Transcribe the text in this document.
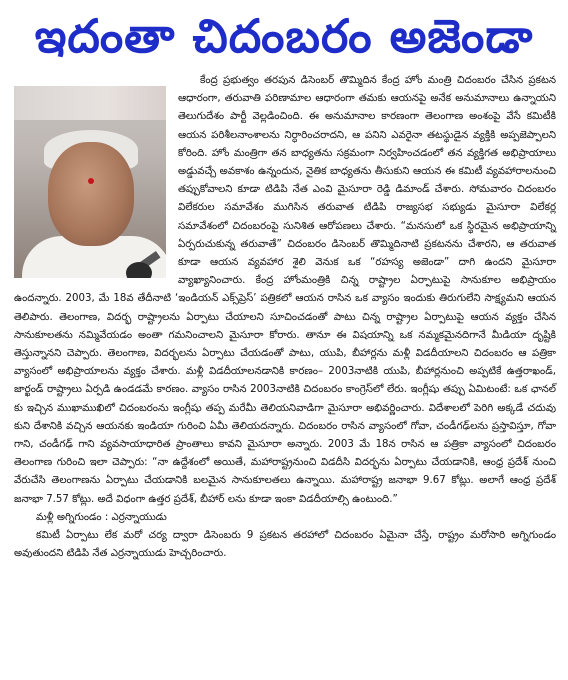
ఇదంతా చిదంబరం అజెండా

కేంద్ర ప్రభుత్వం తరపున డిసెంబర్ తొమ్మిదిన కేంద్ర హోం మంత్రి చిదంబరం చేసిన ప్రకటన ఆధారంగా, తరువాతి పరిణామాల ఆధారంగా తమకు ఆయనపై అనేక అనుమానాలు ఉన్నాయని తెలుగుదేశం పార్టీ వెల్లడించింది. ఈ అనుమానాల కారణంగా తెలంగాణ అంశంపై వేసే కమిటీకి ఆయన పరిశీలనాంశాలను నిర్ధారించరాదని, ఆ పనిని ఎవరైనా తటస్థుడైన వ్యక్తికి అప్పజెప్పాలని కోరింది. హోం మంత్రిగా తన బాధ్యతను సక్రమంగా నిర్వహించడంలో తన వ్యక్తిగత అభిప్రాయాలు అడ్డువచ్చే అవకాశం ఉన్నందున, నైతిక బాధ్యతను తీసుకుని ఆయన ఈ కమిటీ వ్యవహారాలనుంచి తప్పుకోవాలని కూడా టిడిపి నేత ఎంవి మైసూరా రెడ్డి డిమాండ్ చేశారు. సోమవారం చిదంబరం విలేకరుల సమావేశం ముగిసిన తరువాత టిడిపి రాజ్యసభ సభ్యుడు మైసూరా విలేకర్ల సమావేశంలో చిదంబరంపై సునిశిత ఆరోపణలు చేశారు. “మనసులో ఒక స్థిరమైన అభిప్రాయాన్ని ఏర్పరుచుకున్న తరువాతే” చిదంబరం డిసెంబర్ తొమ్మిదినాటి ప్రకటనను చేశారని, ఆ తరువాత కూడా ఆయన వ్యవహార శైలి వెనుక ఒక “రహస్య అజెండా” దాగి ఉందని మైసూరా వ్యాఖ్యానించారు. కేంద్ర హోంమంత్రికి చిన్న రాష్ట్రాల ఏర్పాటుపై సానుకూల అభిప్రాయం ఉందన్నారు. 2003, మే 18వ తేదీనాటి ‘ఇండియన్ ఎక్స్‌ప్రెస్’ పత్రికలో ఆయన రాసిన ఒక వ్యాసం ఇందుకు తిరుగులేని సాక్ష్యమని ఆయన తెలిపారు. తెలంగాణ, విదర్భ రాష్ట్రాలను ఏర్పాటు చేయాలని సూచించడంతో పాటు చిన్న రాష్ట్రాల ఏర్పాటుపై ఆయన వ్యక్తం చేసిన సానుకూలతను నమ్మివేయడం అంతా గమనించాలని మైసూరా కోరారు. తానూ ఈ విషయాన్ని ఒక నమ్మకమైనదిగానే మీడియా దృష్టికి తెస్తున్నానని చెప్పారు. తెలంగాణ, విదర్భలను ఏర్పాటు చేయడంతో పాటు, యుపి, బీహార్లను మళ్లీ విడదీయాలని చిదంబరం ఆ పత్రికా వ్యాసంలో అభిప్రాయాలను వ్యక్తం చేశారు. మళ్లీ విడదీయాలనడానికి కారణం– 2003నాటికి యుపి, బీహార్లనుంచి అప్పటికే ఉత్తరాఖండ్, జార్ఖండ్ రాష్ట్రాలు ఏర్పడి ఉండడమే కారణం. వ్యాసం రాసిన 2003నాటికి చిదంబరం కాంగ్రెస్‌లో లేరు. ఇంగ్లీషు తప్పు ఏమిటంటే: ఒక ఛానల్ కు ఇచ్చిన ముఖాముఖిలో చిదంబరంను ఇంగ్లీషు తప్ప మరేమీ తెలియనివాడిగా మైసూరా అభివర్ణించారు. విదేశాలలో పెరిగి అక్కడే చదువు కుని దేశానికి వచ్చిన ఆయనకు ఇండియా గురించి ఏమీ తెలియదన్నారు. చిదంబరం రాసిన వ్యాసంలో గోవా, చండీగఢ్‌లను ప్రస్తావిస్తూ, గోవా గాని, చండీగఢ్ గాని వ్యవసాయాధారిత ప్రాంతాలు కావని మైసూరా అన్నారు. 2003 మే 18న రాసిన ఆ పత్రికా వ్యాసంలో చిదంబరం తెలంగాణ గురించి ఇలా చెప్పారు: “నా ఉద్దేశంలో అయితే, మహారాష్ట్రనుంచి విడదీసి విదర్భను ఏర్పాటు చేయడానికి, ఆంధ్ర ప్రదేశ్ నుంచి వేరుచేసి తెలంగాణను ఏర్పాటు చేయడానికి బలమైన సానుకూలతలు ఉన్నాయి. మహారాష్ట్ర జనాభా 9.67 కోట్లు. అలాగే ఆంధ్ర ప్రదేశ్ జనాభా 7.57 కోట్లు. అదే విధంగా ఉత్తర ప్రదేశ్, బీహార్ లను కూడా ఇంకా విడదీయాల్సి ఉంటుంది.”

మళ్లీ అగ్నిగుండం : ఎర్రన్నాయుడు

కమిటీ ఏర్పాటు లేక మరో చర్య ద్వారా డిసెంబరు 9 ప్రకటన తరహాలో చిదంబరం ఏమైనా చేస్తే, రాష్ట్రం మరోసారి అగ్నిగుండం అవుతుందని టిడిపి నేత ఎర్రన్నాయుడు హెచ్చరించారు.
